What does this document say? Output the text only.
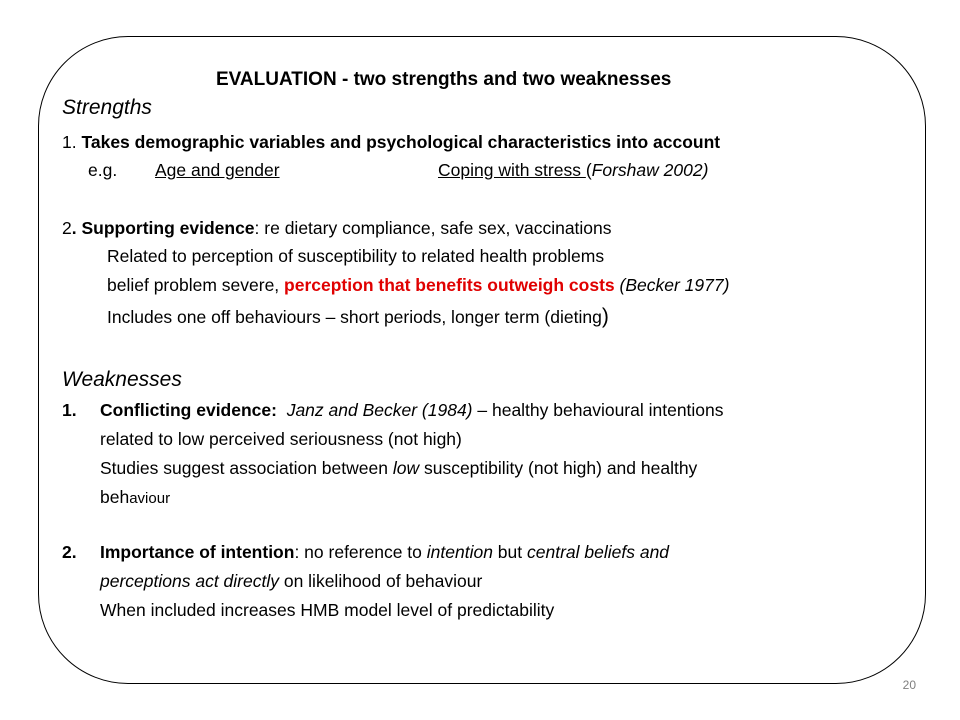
EVALUATION - two strengths and two weaknesses
Strengths
1. Takes demographic variables and psychological characteristics into account
e.g. Age and gender	Coping with stress (Forshaw 2002)
2. Supporting evidence: re dietary compliance, safe sex, vaccinations
Related to perception of susceptibility to related health problems
belief problem severe, perception that benefits outweigh costs (Becker 1977)
Includes one off behaviours – short periods, longer term (dieting)
Weaknesses
1. Conflicting evidence: Janz and Becker (1984) – healthy behavioural intentions
related to low perceived seriousness (not high)
Studies suggest association between low susceptibility (not high) and healthy
behaviour
2. Importance of intention: no reference to intention but central beliefs and
perceptions act directly on likelihood of behaviour
When included increases HMB model level of predictability
20
